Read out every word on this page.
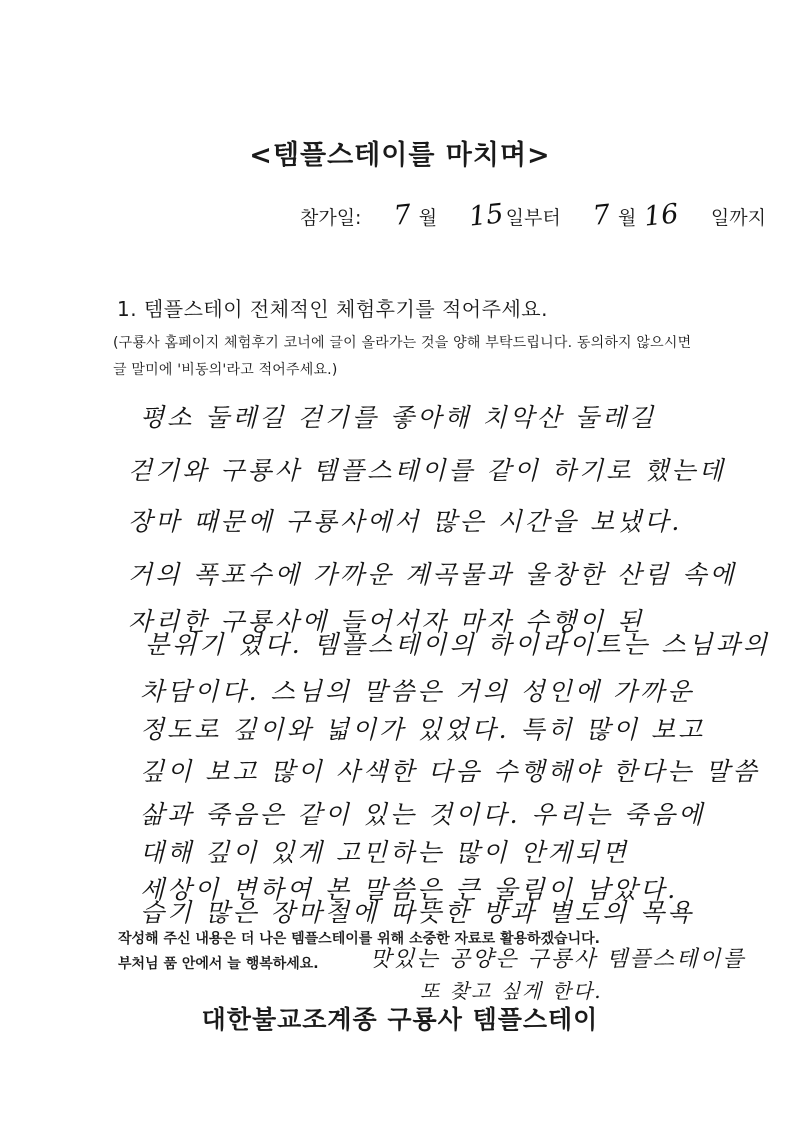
<템플스테이를 마치며>
참가일: 7 월 15일부터 7 월 16 일까지
1. 템플스테이 전체적인 체험후기를 적어주세요.
(구룡사 홈페이지 체험후기 코너에 글이 올라가는 것을 양해 부탁드립니다. 동의하지 않으시면 글 말미에 '비동의'라고 적어주세요.)
평소 둘레길 걷기를 좋아해 치악산 둘레길
걷기와 구룡사 템플스테이를 같이 하기로 했는데
장마 때문에 구룡사에서 많은 시간을 보냈다.
거의 폭포수에 가까운 계곡물과 울창한 산림 속에
자리한 구룡사에 들어서자 마자 수행이 된
분위기 였다. 템플스테이의 하이라이트는 스님과의
차담이다. 스님의 말씀은 거의 성인에 가까운
정도로 깊이와 넓이가 있었다. 특히 많이 보고
깊이 보고 많이 사색한 다음 수행해야 한다는 말씀
삶과 죽음은 같이 있는 것이다. 우리는 죽음에
대해 깊이 있게 고민하는 많이 안게되면
세상이 변하여 본 말씀은 큰 울림이 남았다.
습기 많은 장마철에 따뜻한 방과 별도의 목욕
작성해 주신 내용은 더 나은 템플스테이를 위해 소중한 자료로 활용하겠습니다.
부처님 품 안에서 늘 행복하세요. 맛있는 공양은 구룡사 템플스테이를
또 찾고 싶게 한다.
대한불교조계종 구룡사 템플스테이
